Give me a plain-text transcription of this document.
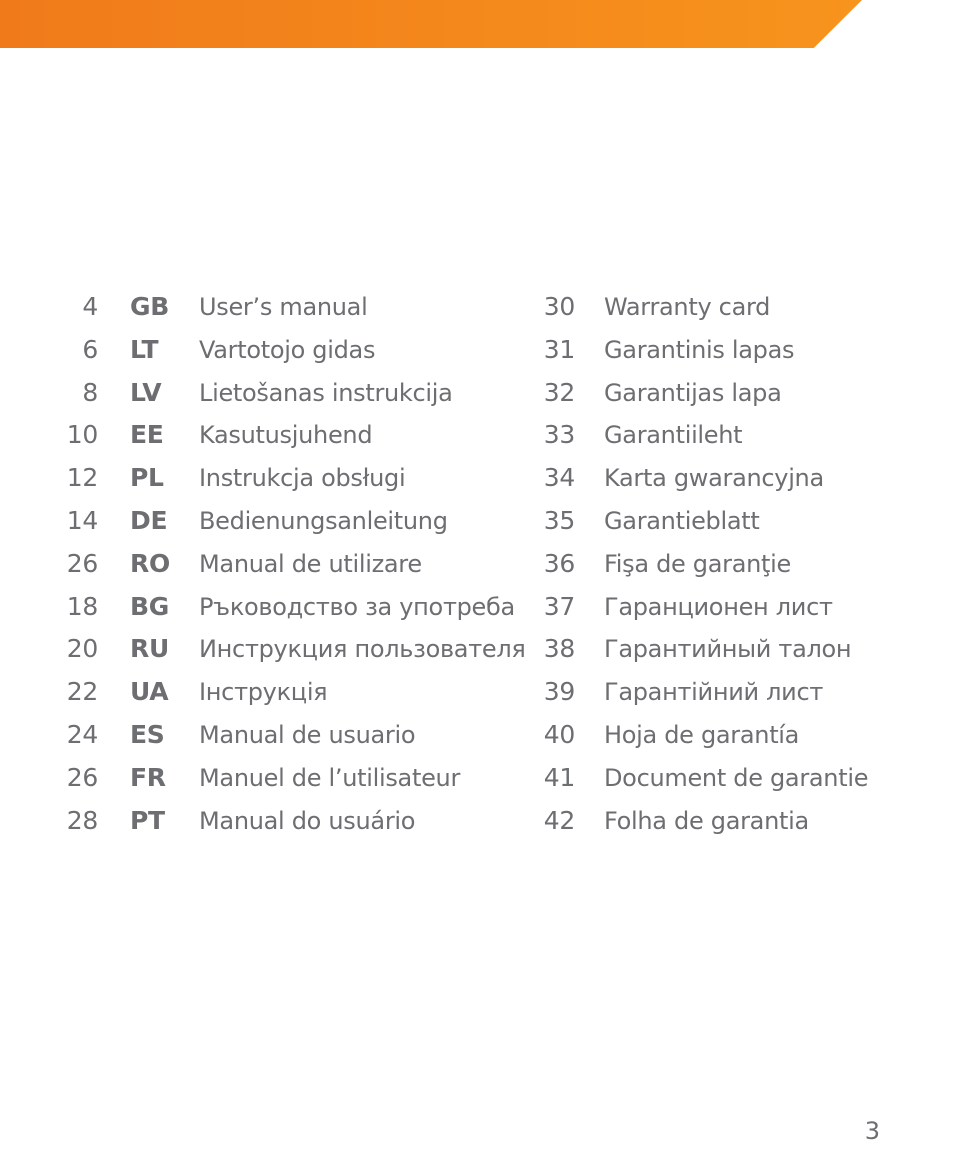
4 GB User’s manual	30 Warranty card
6 LT Vartotojo gidas	31 Garantinis lapas
8 LV Lietošanas instrukcija	32 Garantijas lapa
10 EE Kasutusjuhend	33 Garantiileht
12 PL Instrukcja obsługi	34 Karta gwarancyjna
14 DE Bedienungsanleitung	35 Garantieblatt
26 RO Manual de utilizare	36 Fişa de garanţie
18 BG Ръководство за употреба	37 Гаранционен лист
20 RU Инструкция пользователя 38 Гарантийный талон
22 UA Інструкція	39 Гарантійний лист
24 ES Manual de usuario	40 Hoja de garantía
26 FR Manuel de l’utilisateur	41 Document de garantie
28 PT Manual do usuário	42 Folha de garantia
3
